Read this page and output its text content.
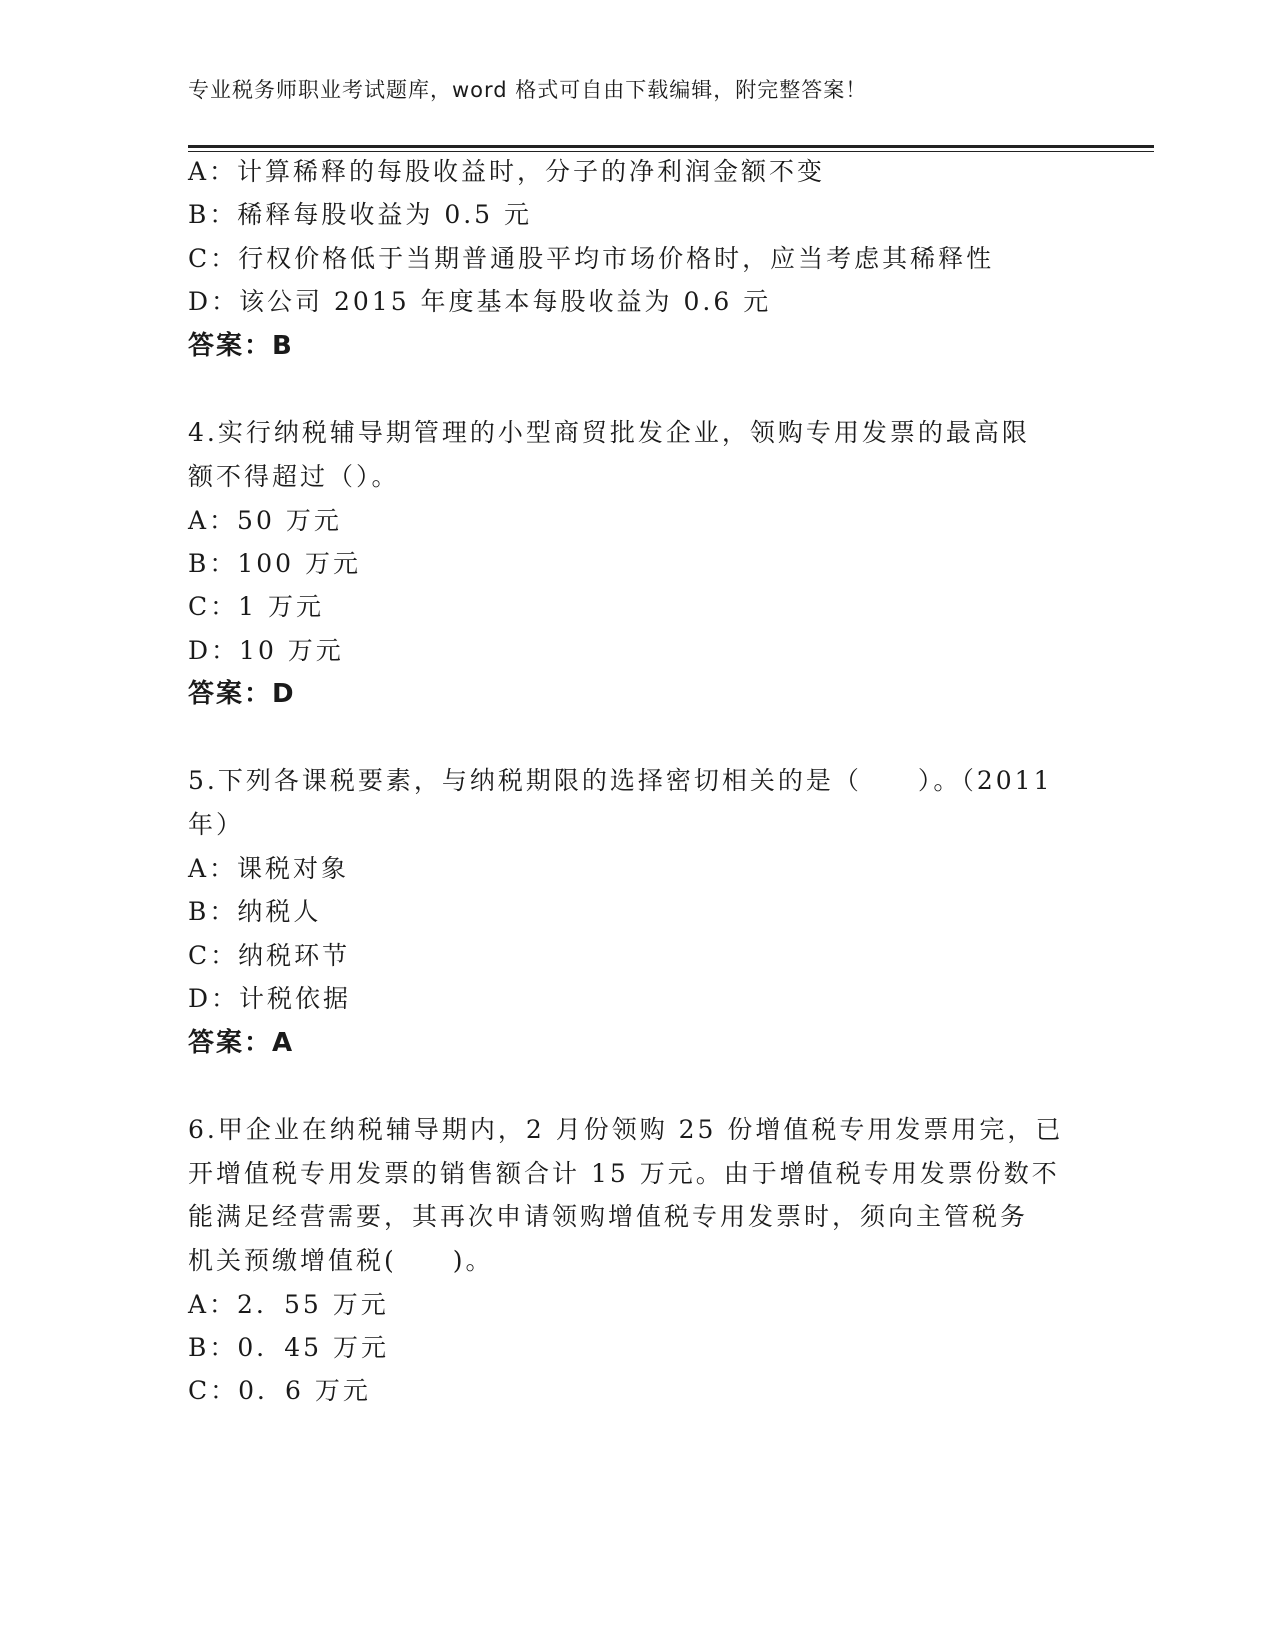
专业税务师职业考试题库，word 格式可自由下载编辑，附完整答案！
A：计算稀释的每股收益时，分子的净利润金额不变
B：稀释每股收益为 0.5 元
C：行权价格低于当期普通股平均市场价格时，应当考虑其稀释性
D：该公司 2015 年度基本每股收益为 0.6 元
答案：B
4.实行纳税辅导期管理的小型商贸批发企业，领购专用发票的最高限
额不得超过（）。
A：50 万元
B：100 万元
C：1 万元
D：10 万元
答案：D
5.下列各课税要素，与纳税期限的选择密切相关的是（　　）。（2011
年）
A：课税对象
B：纳税人
C：纳税环节
D：计税依据
答案：A
6.甲企业在纳税辅导期内，2 月份领购 25 份增值税专用发票用完，已
开增值税专用发票的销售额合计 15 万元。由于增值税专用发票份数不
能满足经营需要，其再次申请领购增值税专用发票时，须向主管税务
机关预缴增值税(　　)。
A：2．55 万元
B：0．45 万元
C：0．6 万元
